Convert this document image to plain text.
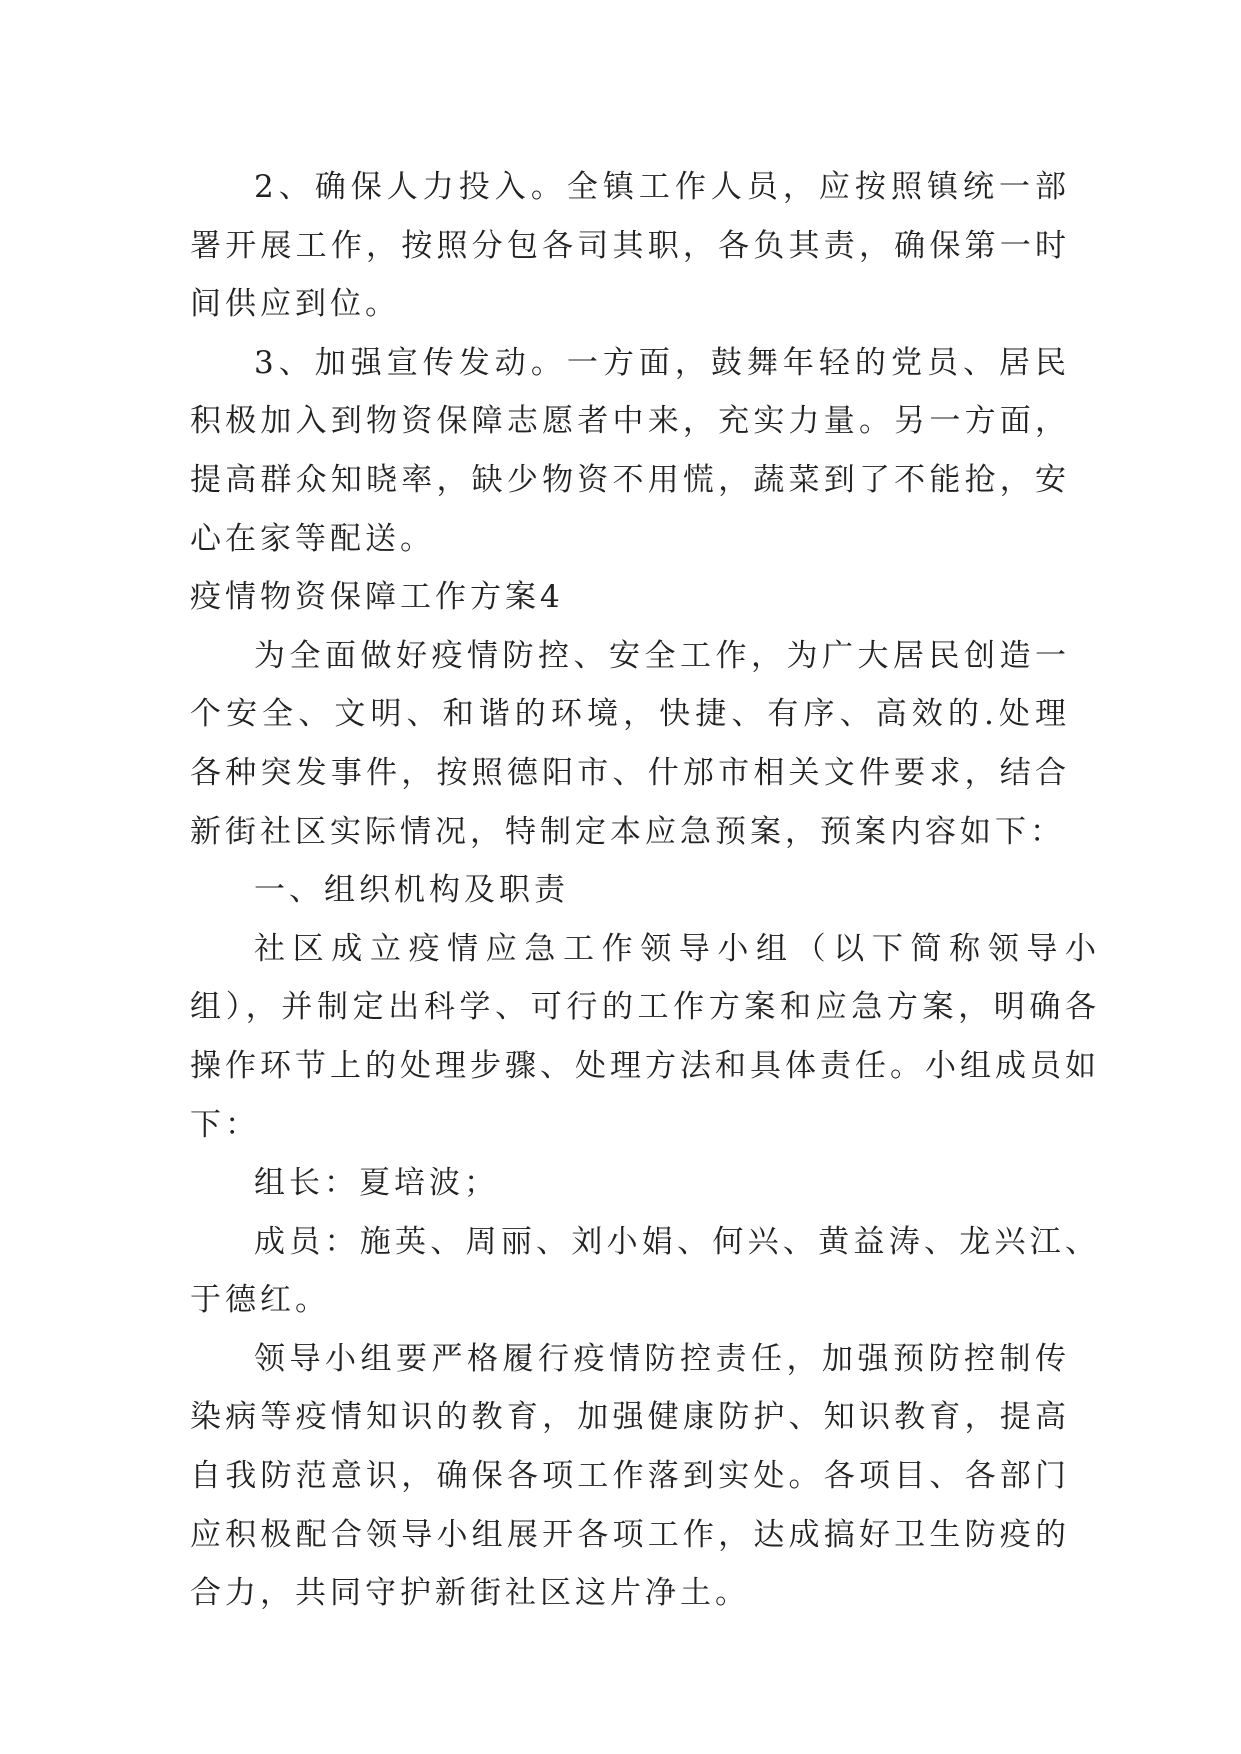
2、确保人力投入。全镇工作人员，应按照镇统一部署开展工作，按照分包各司其职，各负其责，确保第一时间供应到位。

3、加强宣传发动。一方面，鼓舞年轻的党员、居民积极加入到物资保障志愿者中来，充实力量。另一方面，提高群众知晓率，缺少物资不用慌，蔬菜到了不能抢，安心在家等配送。

疫情物资保障工作方案4

为全面做好疫情防控、安全工作，为广大居民创造一个安全、文明、和谐的环境，快捷、有序、高效的.处理各种突发事件，按照德阳市、什邡市相关文件要求，结合新街社区实际情况，特制定本应急预案，预案内容如下：

一、组织机构及职责

社区成立疫情应急工作领导小组（以下简称领导小组），并制定出科学、可行的工作方案和应急方案，明确各操作环节上的处理步骤、处理方法和具体责任。小组成员如下：

组长：夏培波；

成员：施英、周丽、刘小娟、何兴、黄益涛、龙兴江、于德红。

领导小组要严格履行疫情防控责任，加强预防控制传染病等疫情知识的教育，加强健康防护、知识教育，提高自我防范意识，确保各项工作落到实处。各项目、各部门应积极配合领导小组展开各项工作，达成搞好卫生防疫的合力，共同守护新街社区这片净土。
